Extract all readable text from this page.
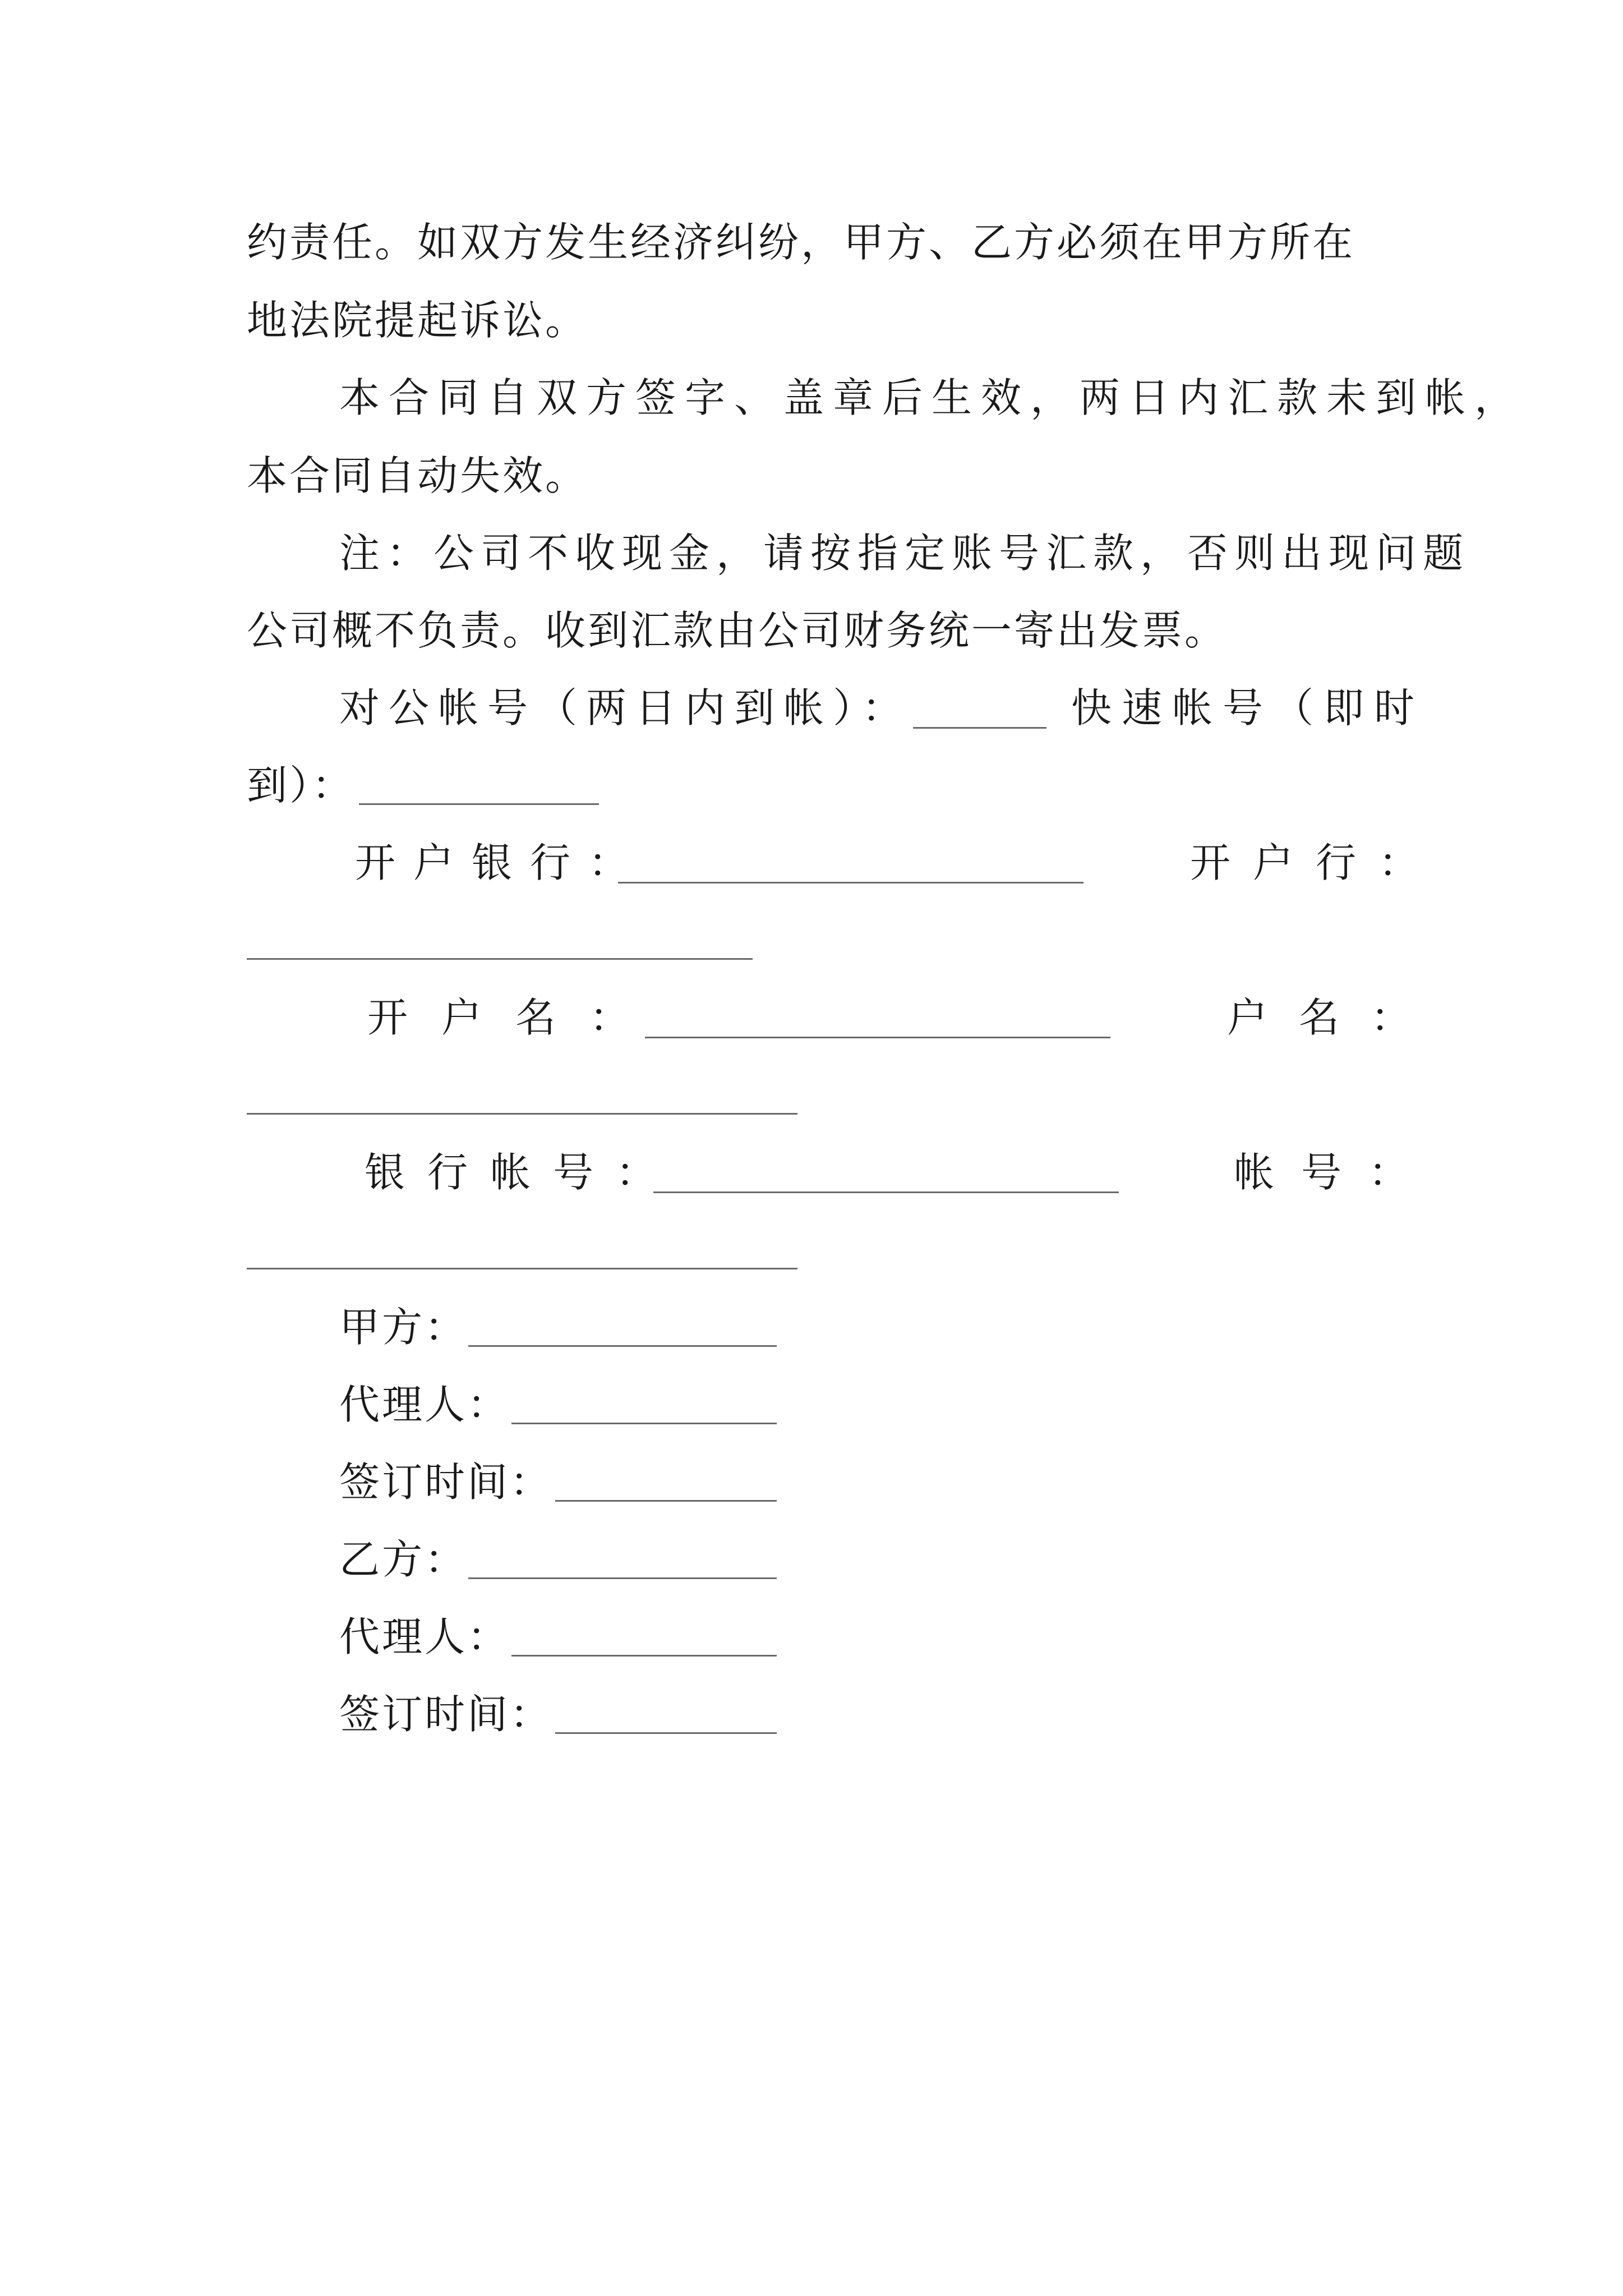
约责任。如双方发生经济纠纷，甲方、乙方必须在甲方所在
地法院提起诉讼。
本合同自双方签字、盖章后生效，两日内汇款未到帐，
本合同自动失效。
注：公司不收现金，请按指定账号汇款，否则出现问题
公司概不负责。收到汇款由公司财务统一寄出发票。
对公帐号（两日内到帐）：	快速帐号（即时
到）：
开户银行：	开户行：
开户名：	户名：
银行帐号：	帐号：
甲方：
代理人：
签订时间：
乙方：
代理人：
签订时间：
